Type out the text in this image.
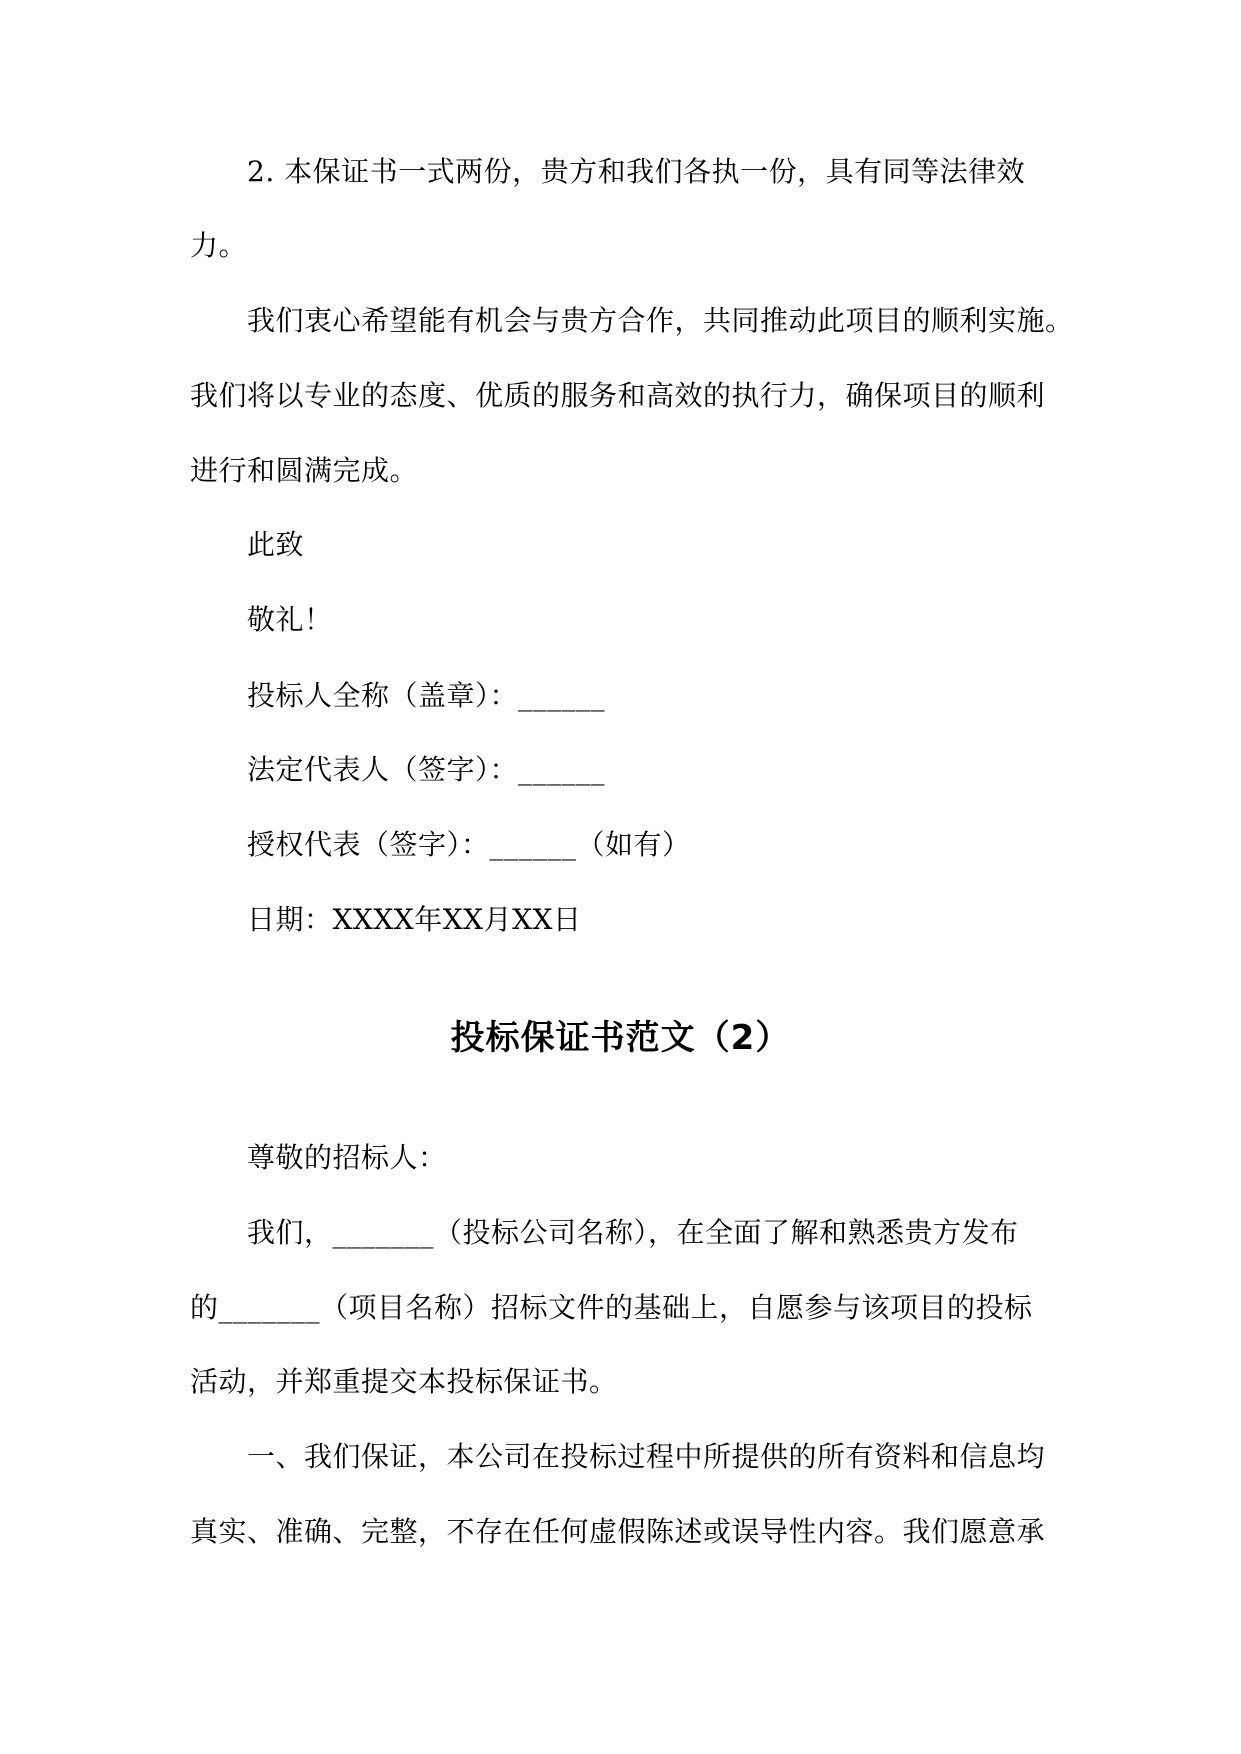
2. 本保证书一式两份，贵方和我们各执一份，具有同等法律效
力。
我们衷心希望能有机会与贵方合作，共同推动此项目的顺利实施。
我们将以专业的态度、优质的服务和高效的执行力，确保项目的顺利
进行和圆满完成。
此致
敬礼！
投标人全称（盖章）：______
法定代表人（签字）：______
授权代表（签字）：______（如有）
日期：XXXX年XX月XX日
投标保证书范文（2）
尊敬的招标人：
我们，_______（投标公司名称），在全面了解和熟悉贵方发布
的_______（项目名称）招标文件的基础上，自愿参与该项目的投标
活动，并郑重提交本投标保证书。
一、我们保证，本公司在投标过程中所提供的所有资料和信息均
真实、准确、完整，不存在任何虚假陈述或误导性内容。我们愿意承
